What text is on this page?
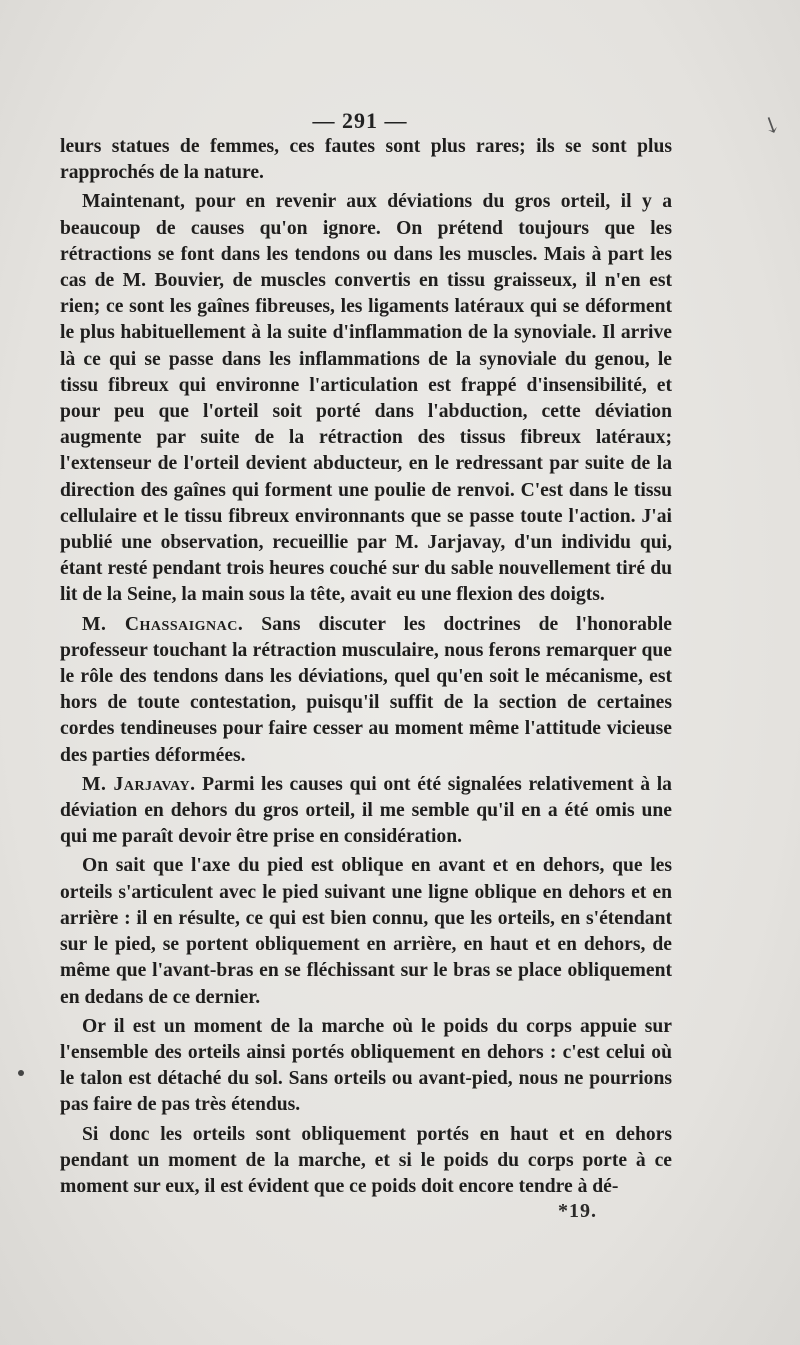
↘
— 291 —

leurs statues de femmes, ces fautes sont plus rares; ils se sont plus rapprochés de la nature.

Maintenant, pour en revenir aux déviations du gros orteil, il y a beaucoup de causes qu'on ignore. On prétend toujours que les rétractions se font dans les tendons ou dans les muscles. Mais à part les cas de M. Bouvier, de muscles convertis en tissu graisseux, il n'en est rien; ce sont les gaînes fibreuses, les ligaments latéraux qui se déforment le plus habituellement à la suite d'inflammation de la synoviale. Il arrive là ce qui se passe dans les inflammations de la synoviale du genou, le tissu fibreux qui environne l'articulation est frappé d'insensibilité, et pour peu que l'orteil soit porté dans l'abduction, cette déviation augmente par suite de la rétraction des tissus fibreux latéraux; l'extenseur de l'orteil devient abducteur, en le redressant par suite de la direction des gaînes qui forment une poulie de renvoi. C'est dans le tissu cellulaire et le tissu fibreux environnants que se passe toute l'action. J'ai publié une observation, recueillie par M. Jarjavay, d'un individu qui, étant resté pendant trois heures couché sur du sable nouvellement tiré du lit de la Seine, la main sous la tête, avait eu une flexion des doigts.

M. Chassaignac. Sans discuter les doctrines de l'honorable professeur touchant la rétraction musculaire, nous ferons remarquer que le rôle des tendons dans les déviations, quel qu'en soit le mécanisme, est hors de toute contestation, puisqu'il suffit de la section de certaines cordes tendineuses pour faire cesser au moment même l'attitude vicieuse des parties déformées.

M. Jarjavay. Parmi les causes qui ont été signalées relativement à la déviation en dehors du gros orteil, il me semble qu'il en a été omis une qui me paraît devoir être prise en considération.

On sait que l'axe du pied est oblique en avant et en dehors, que les orteils s'articulent avec le pied suivant une ligne oblique en dehors et en arrière : il en résulte, ce qui est bien connu, que les orteils, en s'étendant sur le pied, se portent obliquement en arrière, en haut et en dehors, de même que l'avant-bras en se fléchissant sur le bras se place obliquement en dedans de ce dernier.

Or il est un moment de la marche où le poids du corps appuie sur l'ensemble des orteils ainsi portés obliquement en dehors : c'est celui où le talon est détaché du sol. Sans orteils ou avant-pied, nous ne pourrions pas faire de pas très étendus.

Si donc les orteils sont obliquement portés en haut et en dehors pendant un moment de la marche, et si le poids du corps porte à ce moment sur eux, il est évident que ce poids doit encore tendre à dé-

*19.
